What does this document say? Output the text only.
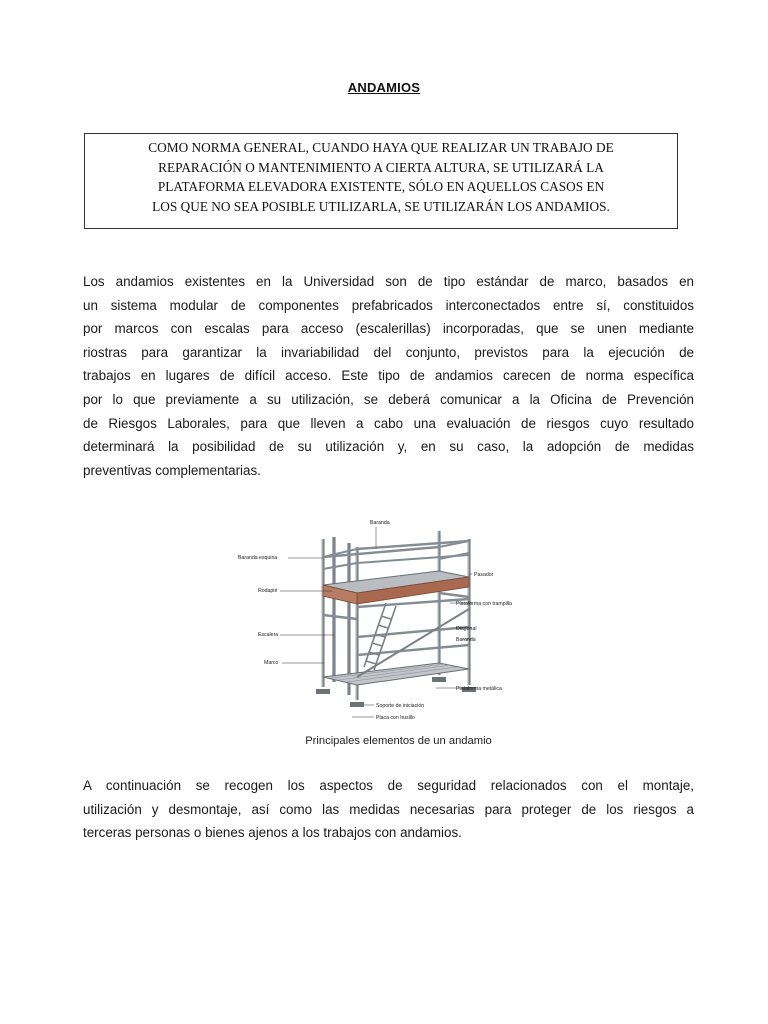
ANDAMIOS
COMO NORMA GENERAL, CUANDO HAYA QUE REALIZAR UN TRABAJO DE
REPARACIÓN O MANTENIMIENTO A CIERTA ALTURA, SE UTILIZARÁ LA
PLATAFORMA ELEVADORA EXISTENTE, SÓLO EN AQUELLOS CASOS EN
LOS QUE NO SEA POSIBLE UTILIZARLA, SE UTILIZARÁN LOS ANDAMIOS.
Los andamios existentes en la Universidad son de tipo estándar de marco, basados en
un sistema modular de componentes prefabricados interconectados entre sí, constituidos
por marcos con escalas para acceso (escalerillas) incorporadas, que se unen mediante
riostras para garantizar la invariabilidad del conjunto, previstos para la ejecución de
trabajos en lugares de difícil acceso. Este tipo de andamios carecen de norma específica
por lo que previamente a su utilización, se deberá comunicar a la Oficina de Prevención
de Riesgos Laborales, para que lleven a cabo una evaluación de riesgos cuyo resultado
determinará la posibilidad de su utilización y, en su caso, la adopción de medidas
preventivas complementarias.
Baranda
Baranda esquina
Rodapié
Escalera
Marco
Pasador
Plataforma con trampilla
Diagonal
Baranda
Plataforma metálica
Soporte de iniciación
Placa con husillo
Principales elementos de un andamio
A continuación se recogen los aspectos de seguridad relacionados con el montaje,
utilización y desmontaje, así como las medidas necesarias para proteger de los riesgos a
terceras personas o bienes ajenos a los trabajos con andamios.
